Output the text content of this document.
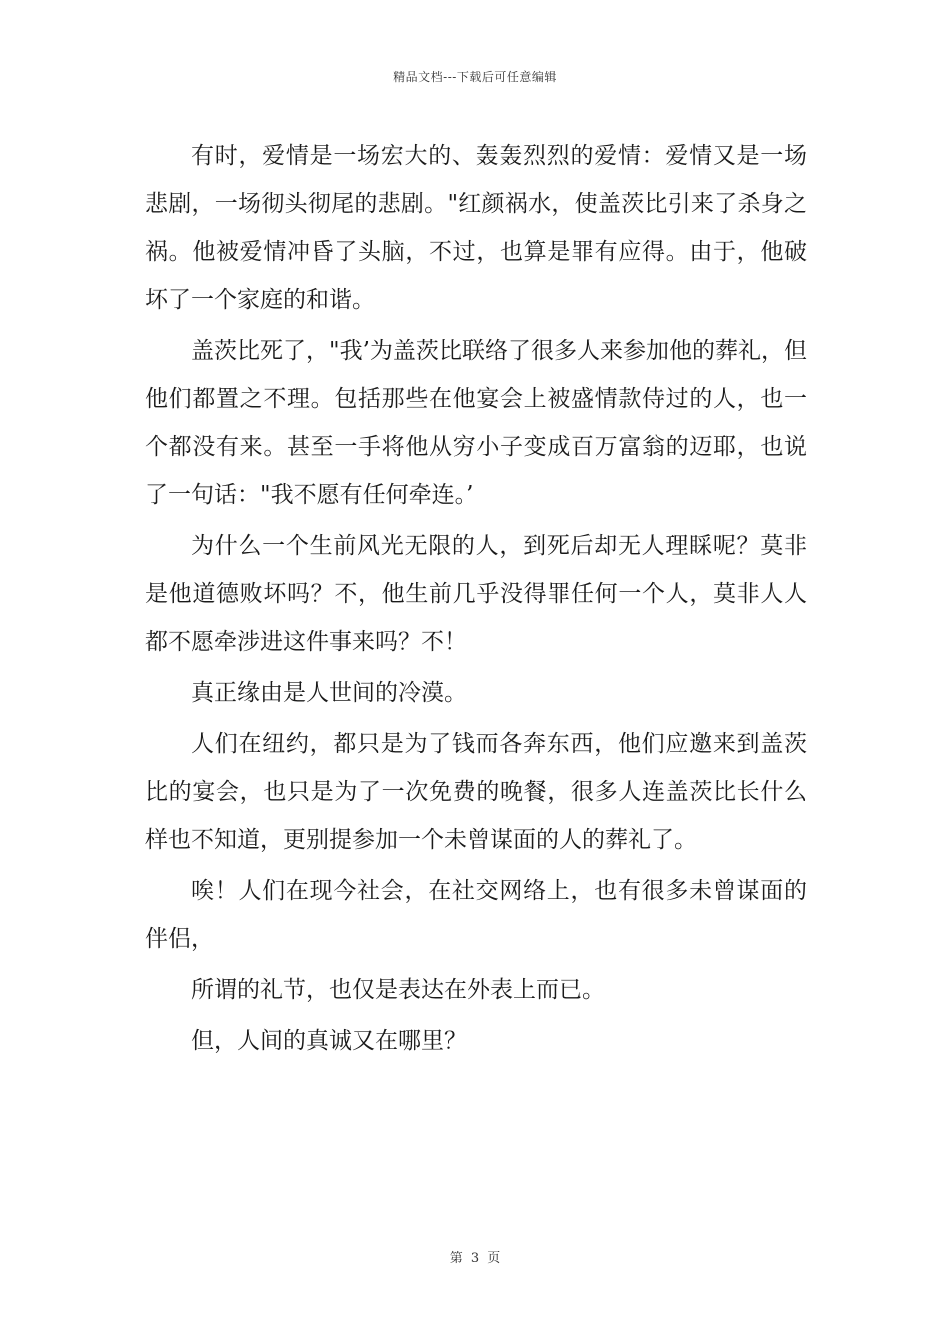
精品文档---下载后可任意编辑

有时，爱情是一场宏大的、轰轰烈烈的爱情：爱情又是一场悲剧，一场彻头彻尾的悲剧。"红颜祸水，使盖茨比引来了杀身之祸。他被爱情冲昏了头脑，不过，也算是罪有应得。由于，他破坏了一个家庭的和谐。

盖茨比死了，"我’为盖茨比联络了很多人来参加他的葬礼，但他们都置之不理。包括那些在他宴会上被盛情款侍过的人，也一个都没有来。甚至一手将他从穷小子变成百万富翁的迈耶，也说了一句话："我不愿有任何牵连。’

为什么一个生前风光无限的人，到死后却无人理睬呢？莫非是他道德败坏吗？不，他生前几乎没得罪任何一个人，莫非人人都不愿牵涉进这件事来吗？不！

真正缘由是人世间的冷漠。

人们在纽约，都只是为了钱而各奔东西，他们应邀来到盖茨比的宴会，也只是为了一次免费的晚餐，很多人连盖茨比长什么样也不知道，更别提参加一个未曾谋面的人的葬礼了。

唉！人们在现今社会，在社交网络上，也有很多未曾谋面的伴侣，

所谓的礼节，也仅是表达在外表上而已。

但，人间的真诚又在哪里？

第 3 页
